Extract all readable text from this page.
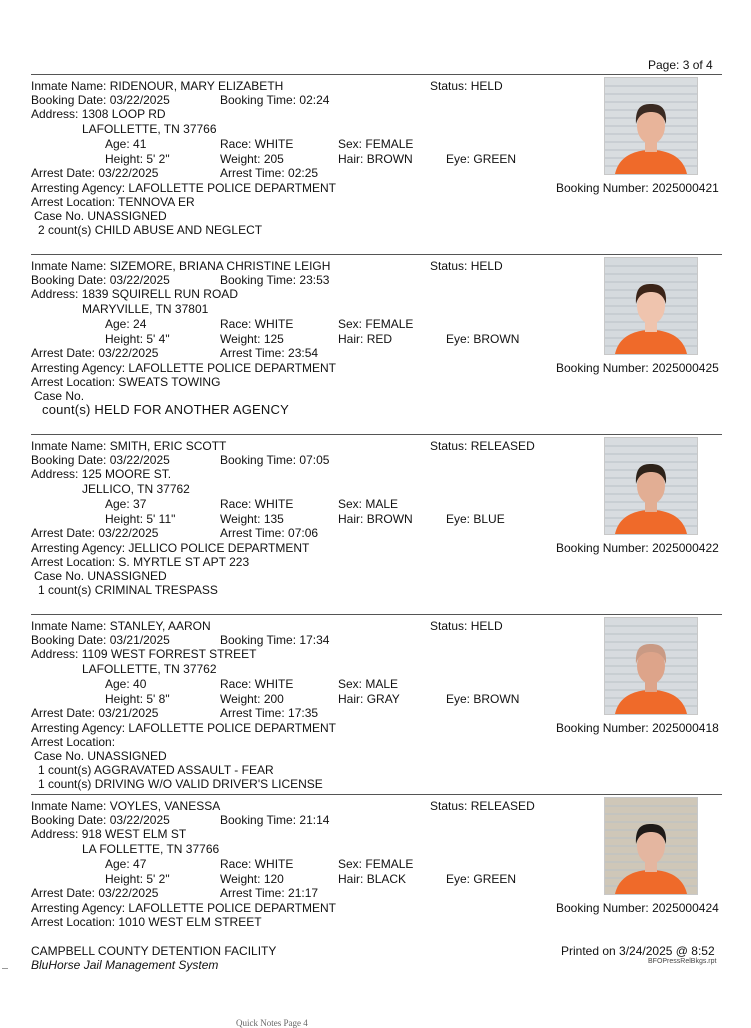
Page: 3 of 4
Inmate Name: RIDENOUR, MARY ELIZABETH	Status: HELD
Booking Date: 03/22/2025	Booking Time: 02:24
Address: 1308 LOOP RD
LAFOLLETTE, TN 37766
Age: 41	Race: WHITE	Sex: FEMALE
Height: 5' 2"	Weight: 205	Hair: BROWN	Eye: GREEN
Arrest Date: 03/22/2025	Arrest Time: 02:25
Arresting Agency: LAFOLLETTE POLICE DEPARTMENT	Booking Number: 2025000421
Arrest Location: TENNOVA ER
Case No. UNASSIGNED
2 count(s) CHILD ABUSE AND NEGLECT
Inmate Name: SIZEMORE, BRIANA CHRISTINE LEIGH	Status: HELD
Booking Date: 03/22/2025	Booking Time: 23:53
Address: 1839 SQUIRELL RUN ROAD
MARYVILLE, TN 37801
Age: 24	Race: WHITE	Sex: FEMALE
Height: 5' 4"	Weight: 125	Hair: RED	Eye: BROWN
Arrest Date: 03/22/2025	Arrest Time: 23:54
Arresting Agency: LAFOLLETTE POLICE DEPARTMENT	Booking Number: 2025000425
Arrest Location: SWEATS TOWING
Case No.
count(s) HELD FOR ANOTHER AGENCY
Inmate Name: SMITH, ERIC SCOTT	Status: RELEASED
Booking Date: 03/22/2025	Booking Time: 07:05
Address: 125 MOORE ST.
JELLICO, TN 37762
Age: 37	Race: WHITE	Sex: MALE
Height: 5' 11"	Weight: 135	Hair: BROWN	Eye: BLUE
Arrest Date: 03/22/2025	Arrest Time: 07:06
Arresting Agency: JELLICO POLICE DEPARTMENT	Booking Number: 2025000422
Arrest Location: S. MYRTLE ST APT 223
Case No. UNASSIGNED
1 count(s) CRIMINAL TRESPASS
Inmate Name: STANLEY, AARON	Status: HELD
Booking Date: 03/21/2025	Booking Time: 17:34
Address: 1109 WEST FORREST STREET
LAFOLLETTE, TN 37762
Age: 40	Race: WHITE	Sex: MALE
Height: 5' 8"	Weight: 200	Hair: GRAY	Eye: BROWN
Arrest Date: 03/21/2025	Arrest Time: 17:35
Arresting Agency: LAFOLLETTE POLICE DEPARTMENT	Booking Number: 2025000418
Arrest Location:
Case No. UNASSIGNED
1 count(s) AGGRAVATED ASSAULT - FEAR
1 count(s) DRIVING W/O VALID DRIVER'S LICENSE
Inmate Name: VOYLES, VANESSA	Status: RELEASED
Booking Date: 03/22/2025	Booking Time: 21:14
Address: 918 WEST ELM ST
LA FOLLETTE, TN 37766
Age: 47	Race: WHITE	Sex: FEMALE
Height: 5' 2"	Weight: 120	Hair: BLACK	Eye: GREEN
Arrest Date: 03/22/2025	Arrest Time: 21:17
Arresting Agency: LAFOLLETTE POLICE DEPARTMENT	Booking Number: 2025000424
Arrest Location: 1010 WEST ELM STREET
CAMPBELL COUNTY DETENTION FACILITY
BluHorse Jail Management System
Printed on 3/24/2025 @ 8:52
BFOPressRelBkgs.rpt
Quick Notes Page 4
